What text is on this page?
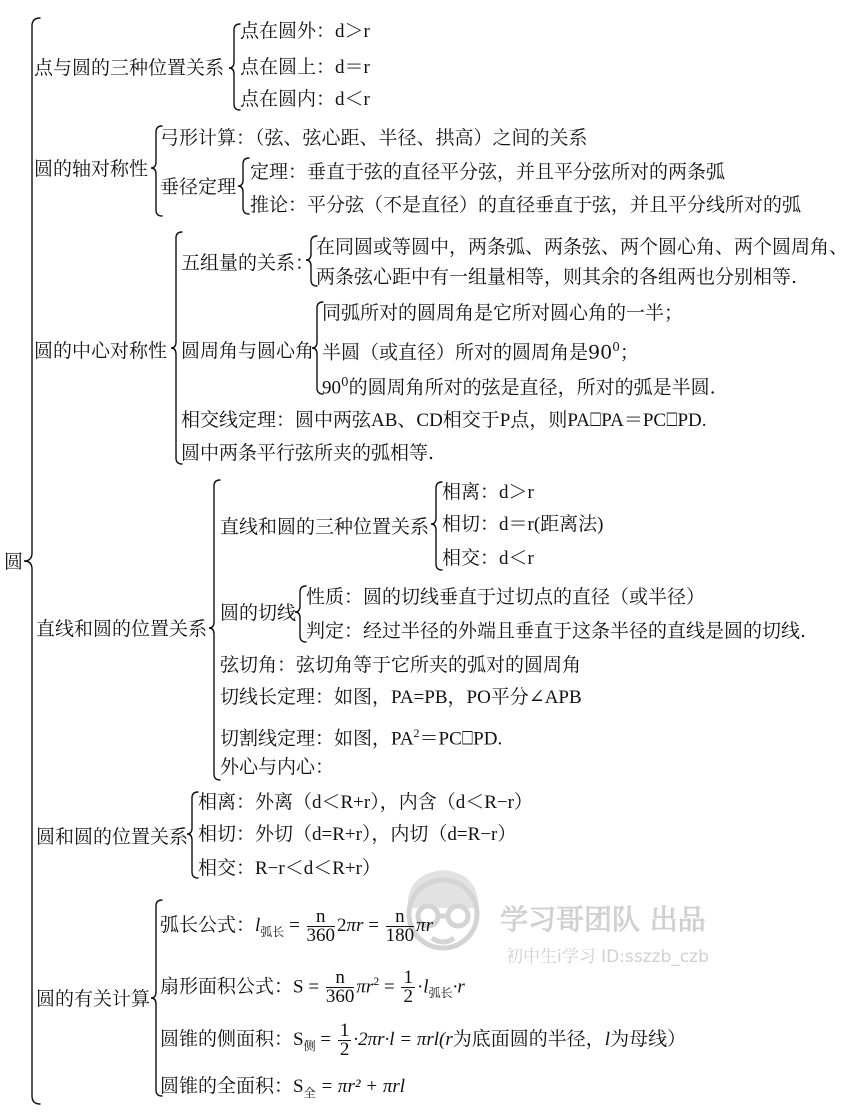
学习哥团队 出品
初中生i学习 ID:sszzb_czb
圆
点与圆的三种位置关系
点在圆外：d＞r
点在圆上：d＝r
点在圆内：d＜r
圆的轴对称性
弓形计算：（弦、弦心距、半径、拱高）之间的关系
垂径定理
定理：垂直于弦的直径平分弦，并且平分弦所对的两条弧
推论：平分弦（不是直径）的直径垂直于弦，并且平分线所对的弧
圆的中心对称性
五组量的关系：
在同圆或等圆中，两条弧、两条弦、两个圆心角、两个圆周角、
两条弦心距中有一组量相等，则其余的各组两也分别相等.
圆周角与圆心角
同弧所对的圆周角是它所对圆心角的一半；
半圆（或直径）所对的圆周角是$90^0$；
$90^0$的圆周角所对的弦是直径，所对的弧是半圆.
相交线定理：圆中两弦AB、CD相交于P点，则PA⎕PA＝PC⎕PD.
圆中两条平行弦所夹的弧相等.
直线和圆的位置关系
直线和圆的三种位置关系
相离：d＞r
相切：d＝r(距离法)
相交：d＜r
圆的切线
性质：圆的切线垂直于过切点的直径（或半径）
判定：经过半径的外端且垂直于这条半径的直线是圆的切线.
弦切角：弦切角等于它所夹的弧对的圆周角
切线长定理：如图，PA=PB，PO平分∠APB
切割线定理：如图，$PA^2=PC⎕PD$.
外心与内心：
圆和圆的位置关系
相离：外离（d＜R+r），内含（d＜R−r）
相切：外切（d=R+r），内切（d=R−r）
相交：R−r＜d＜R+r）
圆的有关计算
弧长公式：$l_{弧长} = \frac{n}{360} 2\pi r = \frac{n}{180}$ πr
扇形面积公式：$S = \frac{n}{360} \pi r^2 = \frac{1}{2} \cdot l_{弧长}\cdot r$
圆锥的侧面积：$S_侧 = \frac{1}{2} \cdot 2\pi r\cdot l = \pi rl(r$为底面圆的半径，l为母线）
圆锥的全面积：$S_全 = \pi r^2 + \pi rl$
